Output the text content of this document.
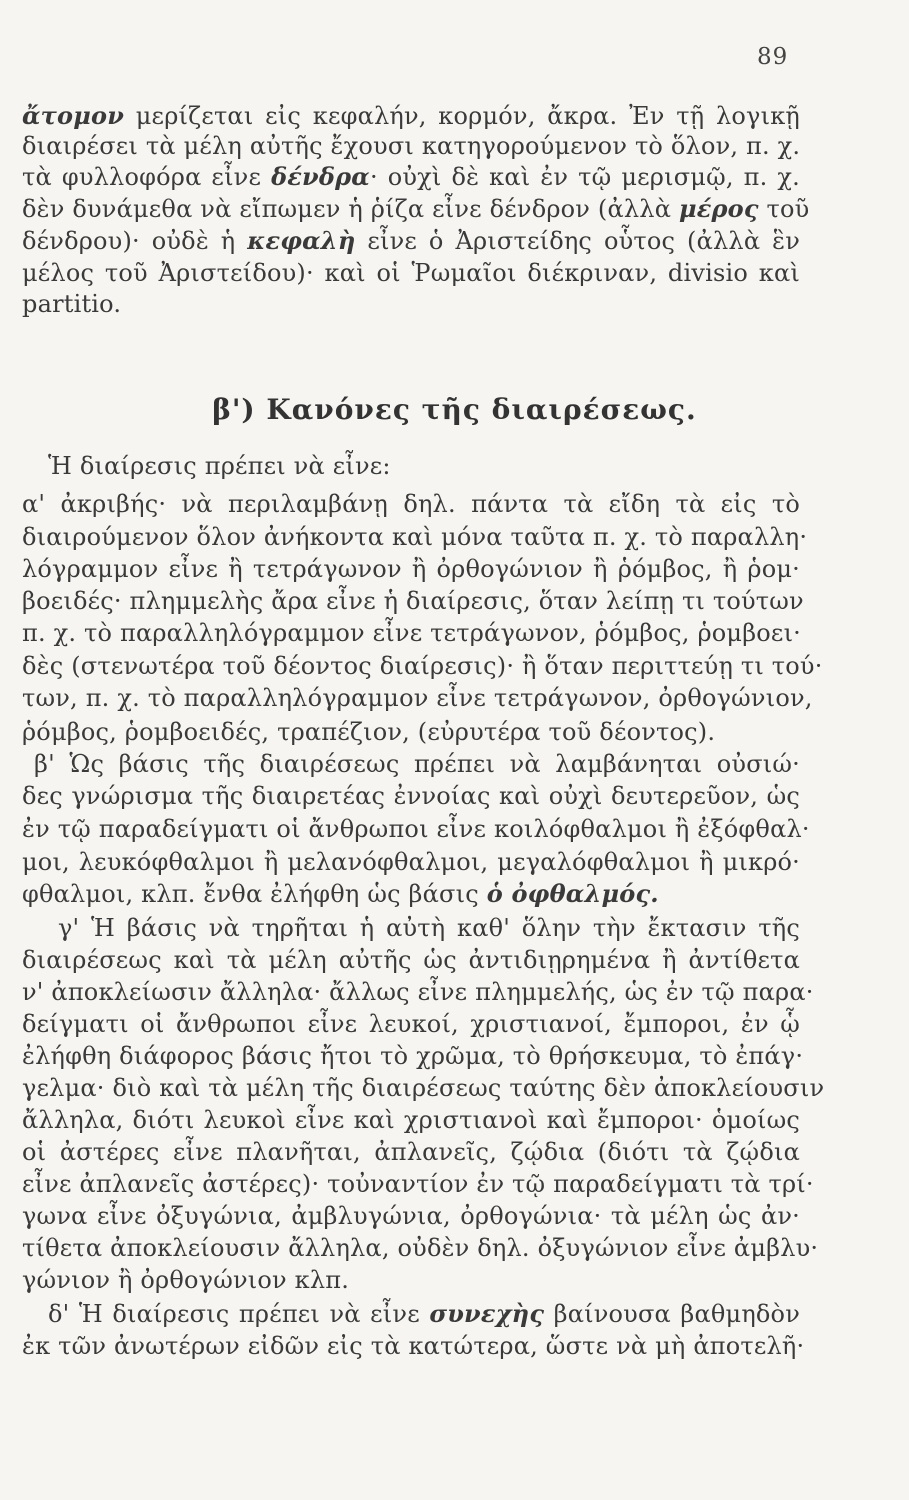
89
β') Κανόνες τῆς διαιρέσεως.
ἄτομον μερίζεται εἰς κεφαλήν, κορμόν, ἄκρα. Ἐν τῇ λογικῇ
διαιρέσει τὰ μέλη αὐτῆς ἔχουσι κατηγορούμενον τὸ ὅλον, π. χ.
τὰ φυλλοφόρα εἶνε δένδρα· οὐχὶ δὲ καὶ ἐν τῷ μερισμῷ, π. χ.
δὲν δυνάμεθα νὰ εἴπωμεν ἡ ῥίζα εἶνε δένδρον (ἀλλὰ μέρος τοῦ
δένδρου)· οὐδὲ ἡ κεφαλὴ εἶνε ὁ Ἀριστείδης οὗτος (ἀλλὰ ἓν
μέλος τοῦ Ἀριστείδου)· καὶ οἱ Ῥωμαῖοι διέκριναν, divisio καὶ
partitio.
Ἡ διαίρεσις πρέπει νὰ εἶνε:
α' ἀκριβής· νὰ περιλαμβάνῃ δηλ. πάντα τὰ εἴδη τὰ εἰς τὸ
διαιρούμενον ὅλον ἀνήκοντα καὶ μόνα ταῦτα π. χ. τὸ παραλλη·
λόγραμμον εἶνε ἢ τετράγωνον ἢ ὀρθογώνιον ἢ ῥόμβος, ἢ ῥομ·
βοειδές· πλημμελὴς ἄρα εἶνε ἡ διαίρεσις, ὅταν λείπῃ τι τούτων
π. χ. τὸ παραλληλόγραμμον εἶνε τετράγωνον, ῥόμβος, ῥομβοει·
δὲς (στενωτέρα τοῦ δέοντος διαίρεσις)· ἢ ὅταν περιττεύῃ τι τού·
των, π. χ. τὸ παραλληλόγραμμον εἶνε τετράγωνον, ὀρθογώνιον,
ῥόμβος, ῥομβοειδές, τραπέζιον, (εὐρυτέρα τοῦ δέοντος).
β' Ὡς βάσις τῆς διαιρέσεως πρέπει νὰ λαμβάνηται οὐσιώ·
δες γνώρισμα τῆς διαιρετέας ἐννοίας καὶ οὐχὶ δευτερεῦον, ὡς
ἐν τῷ παραδείγματι οἱ ἄνθρωποι εἶνε κοιλόφθαλμοι ἢ ἐξόφθαλ·
μοι, λευκόφθαλμοι ἢ μελανόφθαλμοι, μεγαλόφθαλμοι ἢ μικρό·
φθαλμοι, κλπ. ἔνθα ἐλήφθη ὡς βάσις ὁ ὀφθαλμός.
γ' Ἡ βάσις νὰ τηρῆται ἡ αὐτὴ καθ' ὅλην τὴν ἔκτασιν τῆς
διαιρέσεως καὶ τὰ μέλη αὐτῆς ὡς ἀντιδιῃρημένα ἢ ἀντίθετα
ν' ἀποκλείωσιν ἄλληλα· ἄλλως εἶνε πλημμελής, ὡς ἐν τῷ παρα·
δείγματι οἱ ἄνθρωποι εἶνε λευκοί, χριστιανοί, ἔμποροι, ἐν ᾧ
ἐλήφθη διάφορος βάσις ἤτοι τὸ χρῶμα, τὸ θρήσκευμα, τὸ ἐπάγ·
γελμα· διὸ καὶ τὰ μέλη τῆς διαιρέσεως ταύτης δὲν ἀποκλείουσιν
ἄλληλα, διότι λευκοὶ εἶνε καὶ χριστιανοὶ καὶ ἔμποροι· ὁμοίως
οἱ ἀστέρες εἶνε πλανῆται, ἀπλανεῖς, ζῴδια (διότι τὰ ζῴδια
εἶνε ἀπλανεῖς ἀστέρες)· τοὐναντίον ἐν τῷ παραδείγματι τὰ τρί·
γωνα εἶνε ὀξυγώνια, ἀμβλυγώνια, ὀρθογώνια· τὰ μέλη ὡς ἀν·
τίθετα ἀποκλείουσιν ἄλληλα, οὐδὲν δηλ. ὀξυγώνιον εἶνε ἀμβλυ·
γώνιον ἢ ὀρθογώνιον κλπ.
δ' Ἡ διαίρεσις πρέπει νὰ εἶνε συνεχὴς βαίνουσα βαθμηδὸν
ἐκ τῶν ἀνωτέρων εἰδῶν εἰς τὰ κατώτερα, ὥστε νὰ μὴ ἀποτελῆ·
